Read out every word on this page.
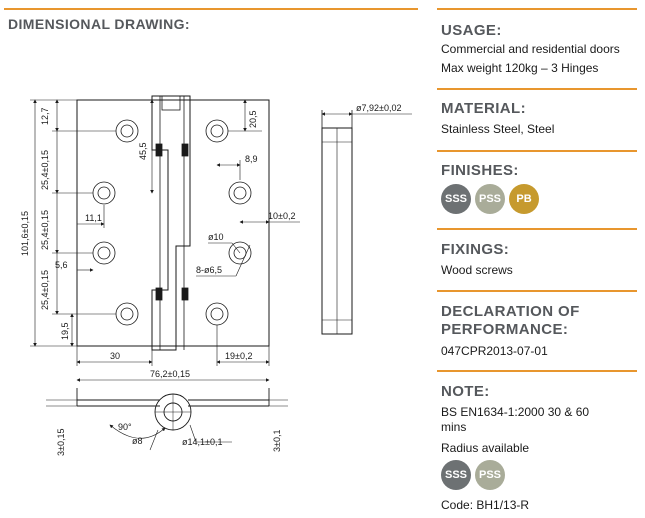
DIMENSIONAL DRAWING:
12,7
25,4±0,15
25,4±0,15
25,4±0,15
101,6±0,15
19,5
45,5
20,5
8,9
11,1
5,6
10±0,2
ø10
8-ø6,5
30	19±0,2
ø7,92±0,02
76,2±0,15
90°
ø8	ø14,1±0,1
3±0,15	3±0,1
USAGE:
Commercial and residential doors
Max weight 120kg – 3 Hinges
MATERIAL:
Stainless Steel, Steel
FINISHES:
SSS	PSS	PB
FIXINGS:
Wood screws
DECLARATION OF
PERFORMANCE:
047CPR2013-07-01
NOTE:
BS EN1634-1:2000 30 & 60
mins
Radius available
SSS	PSS
Code: BH1/13-R
